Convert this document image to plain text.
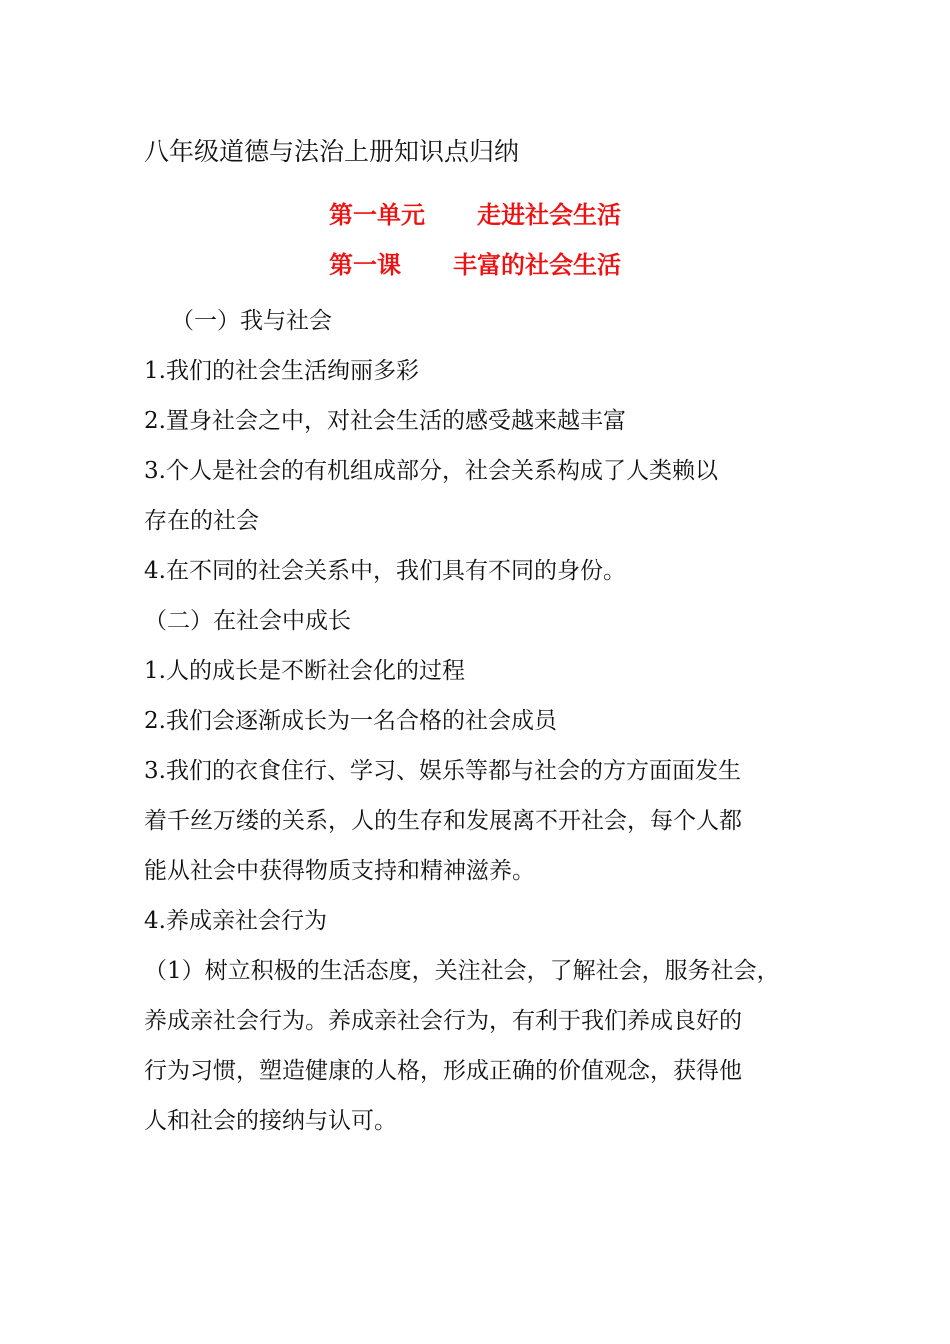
八年级道德与法治上册知识点归纳
第一单元 走进社会生活
第一课 丰富的社会生活
（一）我与社会
1.我们的社会生活绚丽多彩
2.置身社会之中，对社会生活的感受越来越丰富
3.个人是社会的有机组成部分，社会关系构成了人类赖以
存在的社会
4.在不同的社会关系中，我们具有不同的身份。
（二）在社会中成长
1.人的成长是不断社会化的过程
2.我们会逐渐成长为一名合格的社会成员
3.我们的衣食住行、学习、娱乐等都与社会的方方面面发生
着千丝万缕的关系，人的生存和发展离不开社会，每个人都
能从社会中获得物质支持和精神滋养。
4.养成亲社会行为
（1）树立积极的生活态度，关注社会，了解社会，服务社会，
养成亲社会行为。养成亲社会行为，有利于我们养成良好的
行为习惯，塑造健康的人格，形成正确的价值观念，获得他
人和社会的接纳与认可。
